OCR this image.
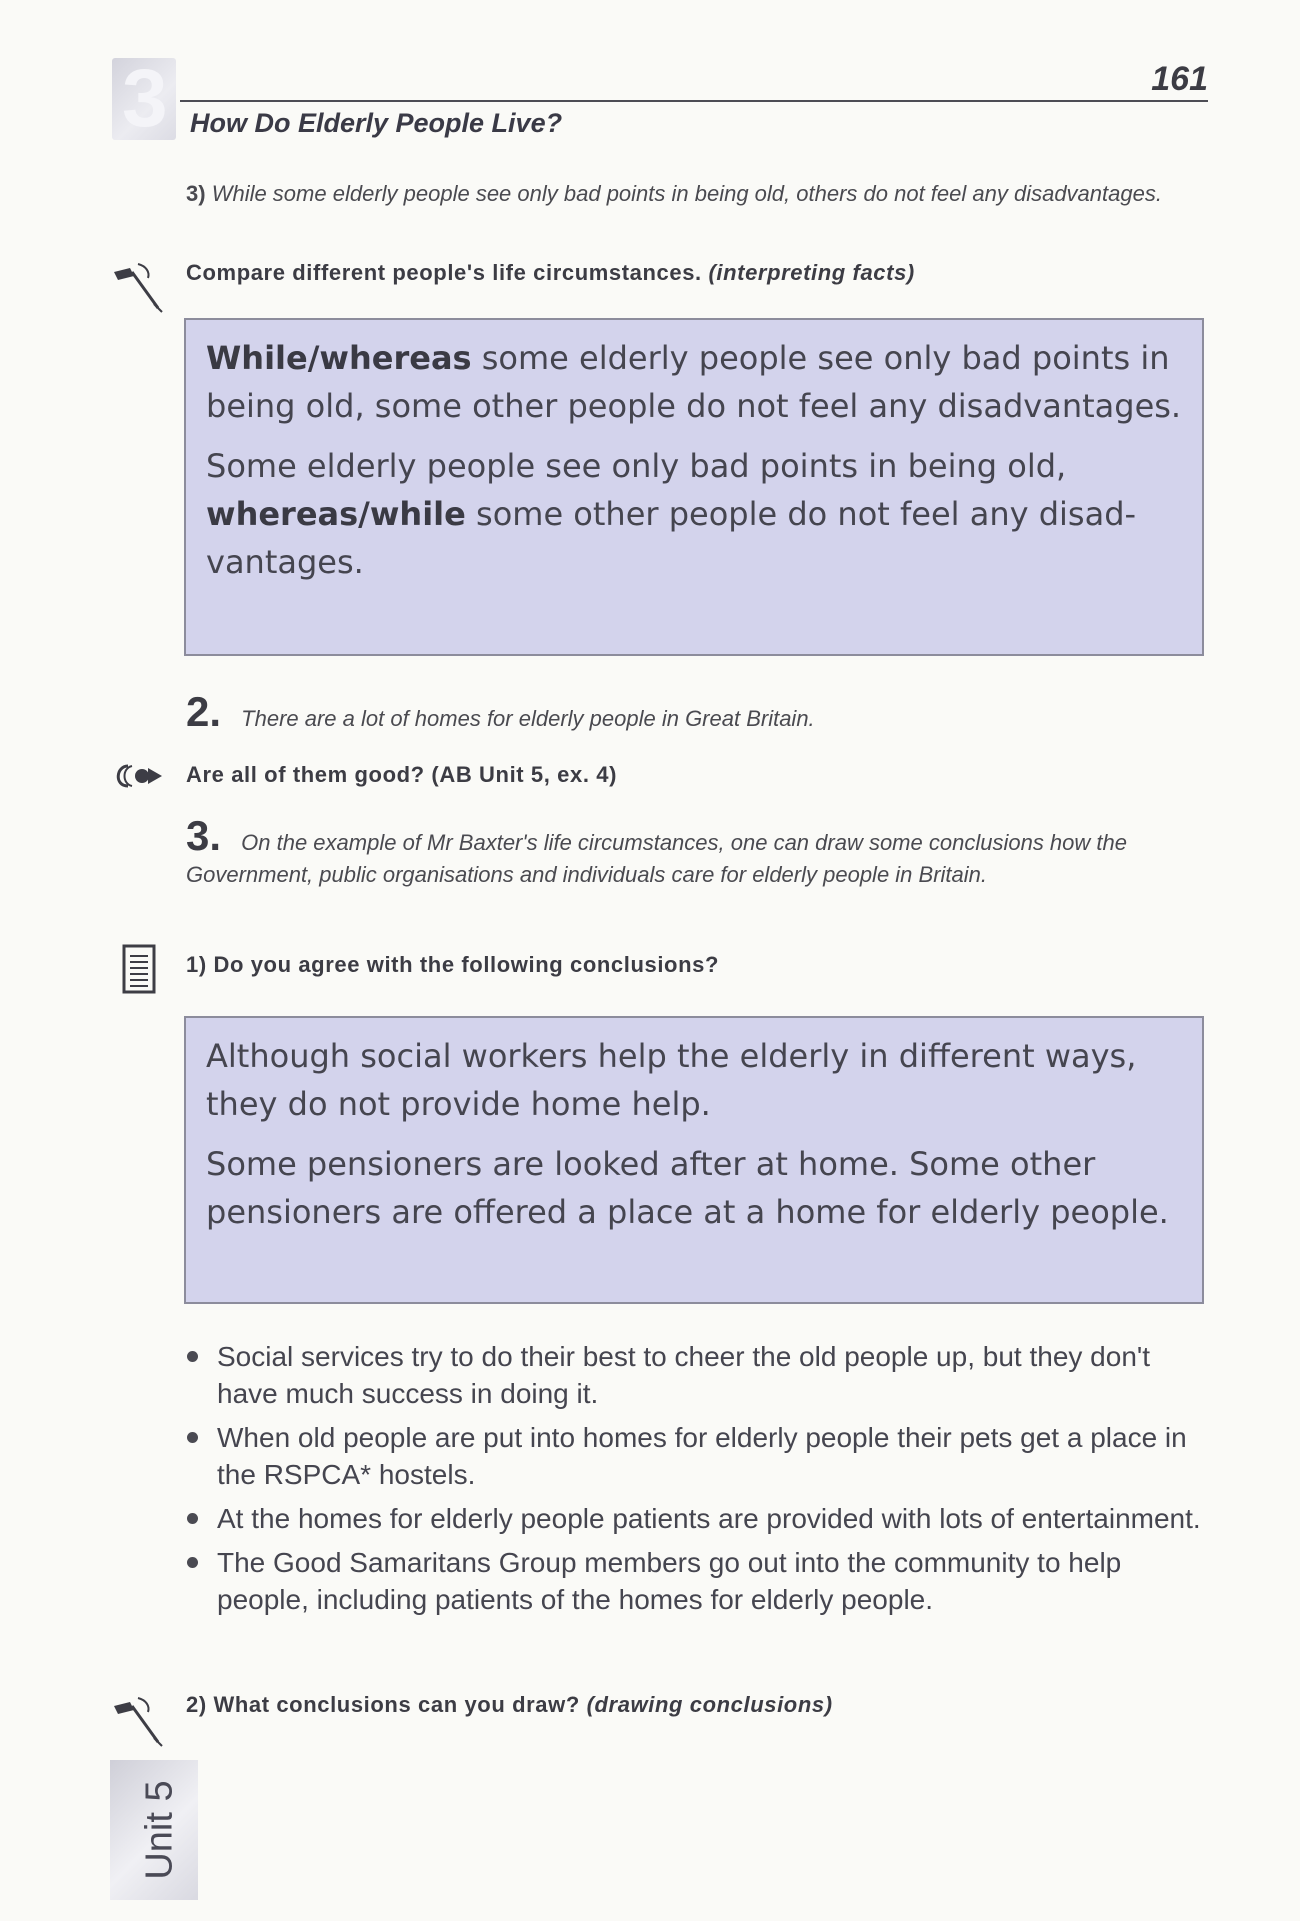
3	161
How Do Elderly People Live?
3) While some elderly people see only bad points in being old, others do not feel any disadvantages.
Compare different people's life circumstances. (interpreting facts)

While/whereas some elderly people see only bad points in being old, some other people do not feel any disadvantages.

Some elderly people see only bad points in being old, whereas/while some other people do not feel any disadvantages.

2. There are a lot of homes for elderly people in Great Britain.
Are all of them good? (AB Unit 5, ex. 4)
3. On the example of Mr Baxter's life circumstances, one can draw some conclusions how the Government, public organisations and individuals care for elderly people in Britain.
1) Do you agree with the following conclusions?

Although social workers help the elderly in different ways, they do not provide home help.

Some pensioners are looked after at home. Some other pensioners are offered a place at a home for elderly people.

Social services try to do their best to cheer the old people up, but they don't have much success in doing it.
When old people are put into homes for elderly people their pets get a place in the RSPCA* hostels.
At the homes for elderly people patients are provided with lots of entertainment.
The Good Samaritans Group members go out into the community to help people, including patients of the homes for elderly people.
2) What conclusions can you draw? (drawing conclusions)
Unit 5
